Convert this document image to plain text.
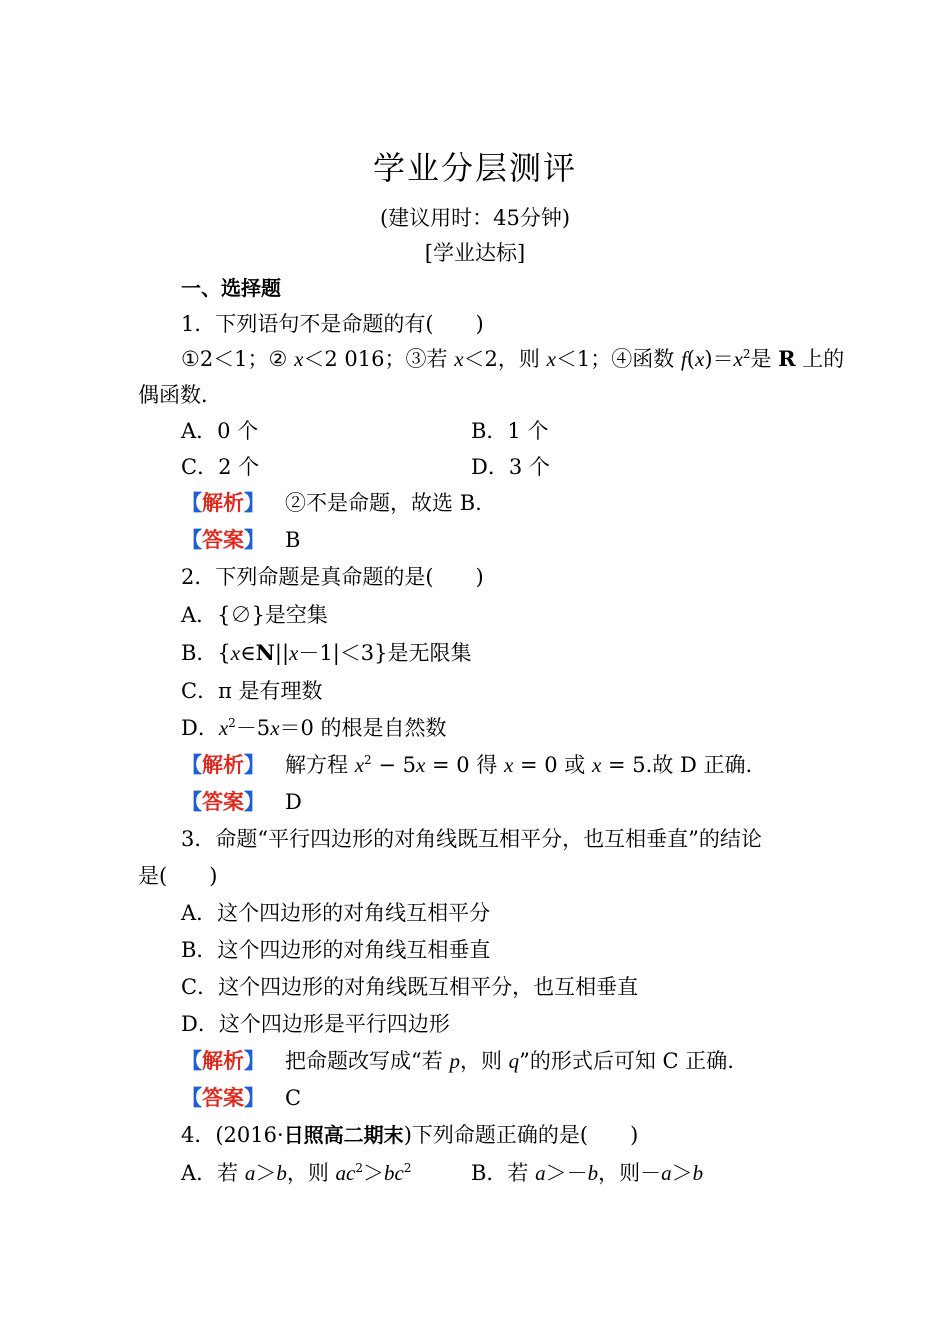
学业分层测评
(建议用时：45分钟)
[学业达标]
一、选择题
1．下列语句不是命题的有(　　)
①2＜1；② x＜2 016；③若 x＜2，则 x＜1；④函数 $f(x)=x^2$是 R 上的
偶函数．
A．0 个	B．1 个
C．2 个	D．3 个
【解析】 ②不是命题，故选 B.
【答案】 B
2．下列命题是真命题的是(　　)
A．{∅}是空集
B．{x∈N||x－1|＜3}是无限集
C．π 是有理数
D．$x^2-5x=0$ 的根是自然数
【解析】 解方程 $x^2 - 5x = 0$ 得 x = 0 或 x = 5.故 D 正确.
【答案】 D
3．命题“平行四边形的对角线既互相平分，也互相垂直”的结论
是(　　)
A．这个四边形的对角线互相平分
B．这个四边形的对角线互相垂直
C．这个四边形的对角线既互相平分，也互相垂直
D．这个四边形是平行四边形
【解析】 把命题改写成“若 p，则 q”的形式后可知 C 正确.
【答案】 C
4．(2016·日照高二期末)下列命题正确的是(　　)
A．若 a＞b，则 $ac^2>bc^2$	B．若 a＞－b，则－a＞b
